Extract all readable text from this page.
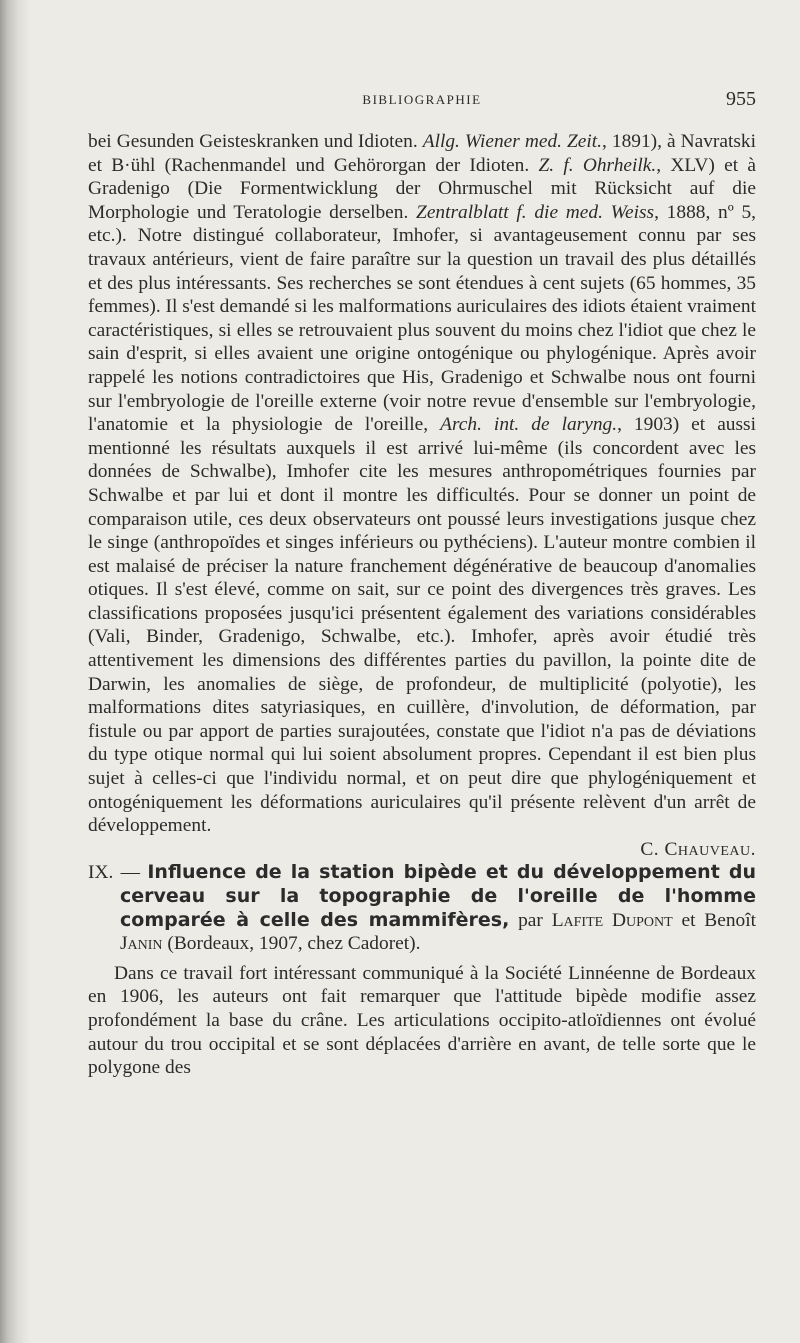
BIBLIOGRAPHIE	955

bei Gesunden Geisteskranken und Idioten. Allg. Wiener med. Zeit., 1891), à Navratski et B·ühl (Rachenmandel und Gehörorgan der Idioten. Z. f. Ohrheilk., XLV) et à Gradenigo (Die Formentwicklung der Ohrmuschel mit Rücksicht auf die Morphologie und Teratologie derselben. Zentralblatt f. die med. Weiss, 1888, nº 5, etc.). Notre distingué collaborateur, Imhofer, si avantageusement connu par ses travaux antérieurs, vient de faire paraître sur la question un travail des plus détaillés et des plus intéressants. Ses recherches se sont étendues à cent sujets (65 hommes, 35 femmes). Il s'est demandé si les malformations auriculaires des idiots étaient vraiment caractéristiques, si elles se retrouvaient plus souvent du moins chez l'idiot que chez le sain d'esprit, si elles avaient une origine ontogénique ou phylogénique. Après avoir rappelé les notions contradictoires que His, Gradenigo et Schwalbe nous ont fourni sur l'embryologie de l'oreille externe (voir notre revue d'ensemble sur l'embryologie, l'anatomie et la physiologie de l'oreille, Arch. int. de laryng., 1903) et aussi mentionné les résultats auxquels il est arrivé lui-même (ils concordent avec les données de Schwalbe), Imhofer cite les mesures anthropométriques fournies par Schwalbe et par lui et dont il montre les difficultés. Pour se donner un point de comparaison utile, ces deux observateurs ont poussé leurs investigations jusque chez le singe (anthropoïdes et singes inférieurs ou pythéciens). L'auteur montre combien il est malaisé de préciser la nature franchement dégénérative de beaucoup d'anomalies otiques. Il s'est élevé, comme on sait, sur ce point des divergences très graves. Les classifications proposées jusqu'ici présentent également des variations considérables (Vali, Binder, Gradenigo, Schwalbe, etc.). Imhofer, après avoir étudié très attentivement les dimensions des différentes parties du pavillon, la pointe dite de Darwin, les anomalies de siège, de profondeur, de multiplicité (polyotie), les malformations dites satyriasiques, en cuillère, d'involution, de déformation, par fistule ou par apport de parties surajoutées, constate que l'idiot n'a pas de déviations du type otique normal qui lui soient absolument propres. Cependant il est bien plus sujet à celles-ci que l'individu normal, et on peut dire que phylogéniquement et ontogéniquement les déformations auriculaires qu'il présente relèvent d'un arrêt de développement.

C. Chauveau.

IX. — Influence de la station bipède et du développement du cerveau sur la topographie de l'oreille de l'homme comparée à celle des mammifères, par Lafite Dupont et Benoît Janin (Bordeaux, 1907, chez Cadoret).

Dans ce travail fort intéressant communiqué à la Société Linnéenne de Bordeaux en 1906, les auteurs ont fait remarquer que l'attitude bipède modifie assez profondément la base du crâne. Les articulations occipito-atloïdiennes ont évolué autour du trou occipital et se sont déplacées d'arrière en avant, de telle sorte que le polygone des
